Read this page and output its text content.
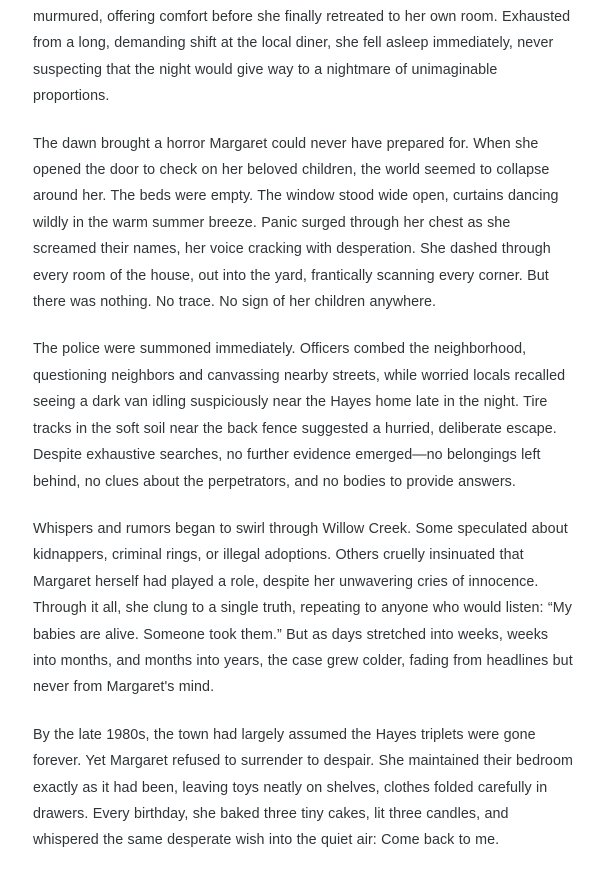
murmured, offering comfort before she finally retreated to her own room. Exhausted from a long, demanding shift at the local diner, she fell asleep immediately, never suspecting that the night would give way to a nightmare of unimaginable proportions.

The dawn brought a horror Margaret could never have prepared for. When she opened the door to check on her beloved children, the world seemed to collapse around her. The beds were empty. The window stood wide open, curtains dancing wildly in the warm summer breeze. Panic surged through her chest as she screamed their names, her voice cracking with desperation. She dashed through every room of the house, out into the yard, frantically scanning every corner. But there was nothing. No trace. No sign of her children anywhere.

The police were summoned immediately. Officers combed the neighborhood, questioning neighbors and canvassing nearby streets, while worried locals recalled seeing a dark van idling suspiciously near the Hayes home late in the night. Tire tracks in the soft soil near the back fence suggested a hurried, deliberate escape. Despite exhaustive searches, no further evidence emerged—no belongings left behind, no clues about the perpetrators, and no bodies to provide answers.

Whispers and rumors began to swirl through Willow Creek. Some speculated about kidnappers, criminal rings, or illegal adoptions. Others cruelly insinuated that Margaret herself had played a role, despite her unwavering cries of innocence. Through it all, she clung to a single truth, repeating to anyone who would listen: “My babies are alive. Someone took them.” But as days stretched into weeks, weeks into months, and months into years, the case grew colder, fading from headlines but never from Margaret's mind.

By the late 1980s, the town had largely assumed the Hayes triplets were gone forever. Yet Margaret refused to surrender to despair. She maintained their bedroom exactly as it had been, leaving toys neatly on shelves, clothes folded carefully in drawers. Every birthday, she baked three tiny cakes, lit three candles, and whispered the same desperate wish into the quiet air: Come back to me.
